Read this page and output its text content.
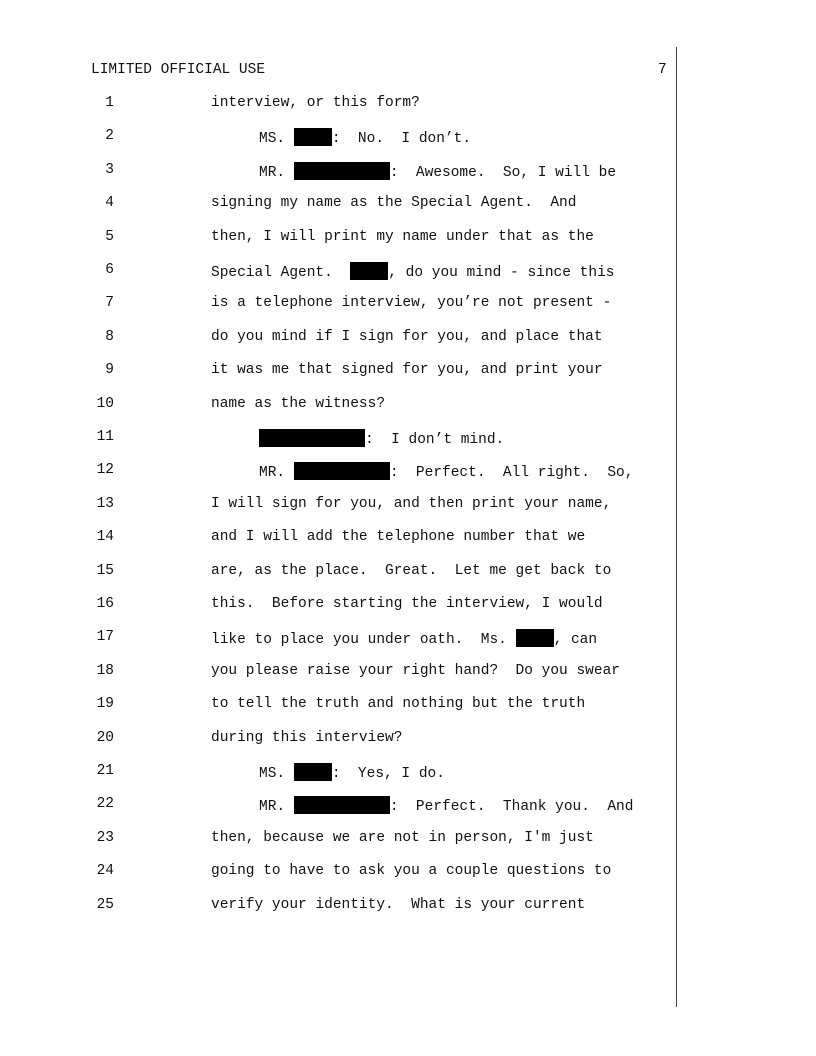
LIMITED OFFICIAL USE	7
1	interview, or this form?
2	MS.	:  No.  I don’t.
3	MR.	:  Awesome.  So, I will be
4	signing my name as the Special Agent.  And
5	then, I will print my name under that as the
6	Special Agent.	, do you mind - since this
7	is a telephone interview, you’re not present -
8	do you mind if I sign for you, and place that
9	it was me that signed for you, and print your
10	name as the witness?
11	:  I don’t mind.
12	MR.	:  Perfect.  All right.  So,
13	I will sign for you, and then print your name,
14	and I will add the telephone number that we
15	are, as the place.  Great.  Let me get back to
16	this.  Before starting the interview, I would
17	like to place you under oath.  Ms.	, can
18	you please raise your right hand?  Do you swear
19	to tell the truth and nothing but the truth
20	during this interview?
21	MS.	:  Yes, I do.
22	MR.	:  Perfect.  Thank you.  And
23	then, because we are not in person, I'm just
24	going to have to ask you a couple questions to
25	verify your identity.  What is your current
